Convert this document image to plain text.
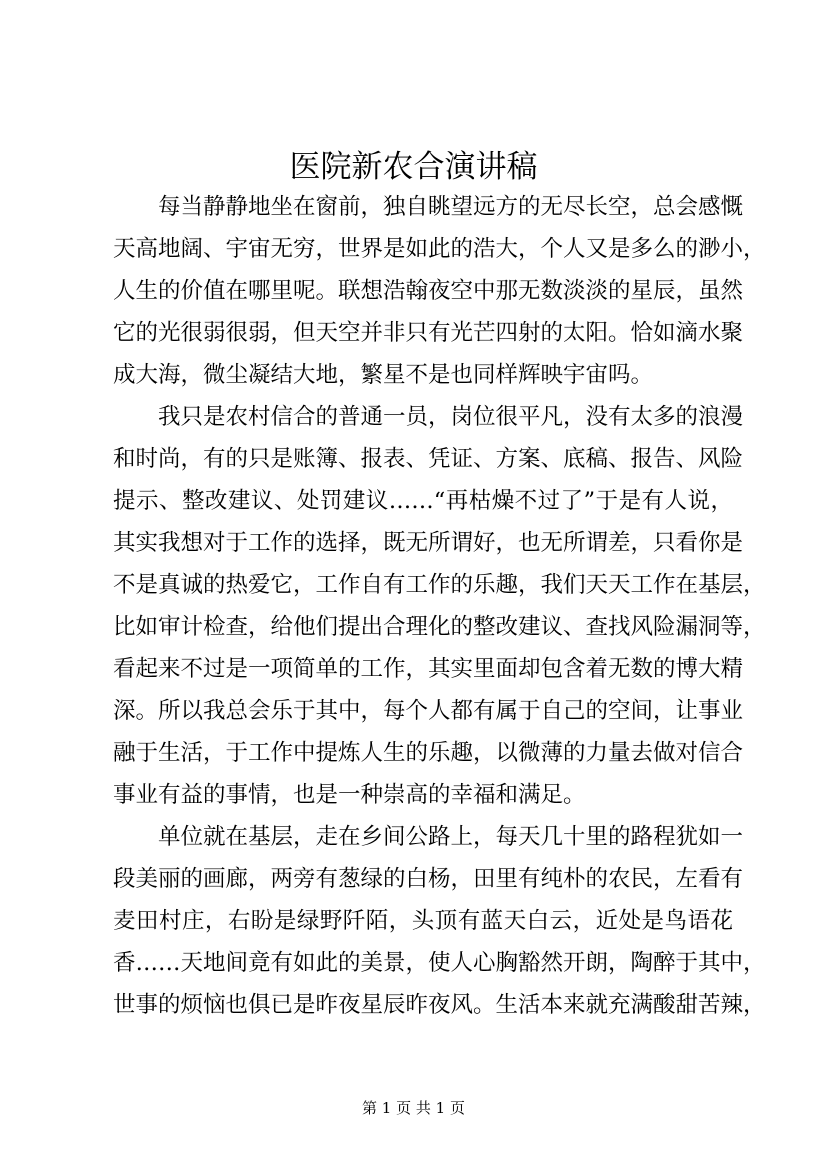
医院新农合演讲稿
每当静静地坐在窗前，独自眺望远方的无尽长空，总会感慨
天高地阔、宇宙无穷，世界是如此的浩大，个人又是多么的渺小，
人生的价值在哪里呢。联想浩翰夜空中那无数淡淡的星辰，虽然
它的光很弱很弱，但天空并非只有光芒四射的太阳。恰如滴水聚
成大海，微尘凝结大地，繁星不是也同样辉映宇宙吗。
我只是农村信合的普通一员，岗位很平凡，没有太多的浪漫
和时尚，有的只是账簿、报表、凭证、方案、底稿、报告、风险
提示、整改建议、处罚建议……“再枯燥不过了”于是有人说，
其实我想对于工作的选择，既无所谓好，也无所谓差，只看你是
不是真诚的热爱它，工作自有工作的乐趣，我们天天工作在基层，
比如审计检查，给他们提出合理化的整改建议、查找风险漏洞等，
看起来不过是一项简单的工作，其实里面却包含着无数的博大精
深。所以我总会乐于其中，每个人都有属于自己的空间，让事业
融于生活，于工作中提炼人生的乐趣，以微薄的力量去做对信合
事业有益的事情，也是一种崇高的幸福和满足。
单位就在基层，走在乡间公路上，每天几十里的路程犹如一
段美丽的画廊，两旁有葱绿的白杨，田里有纯朴的农民，左看有
麦田村庄，右盼是绿野阡陌，头顶有蓝天白云，近处是鸟语花
香……天地间竟有如此的美景，使人心胸豁然开朗，陶醉于其中，
世事的烦恼也俱已是昨夜星辰昨夜风。生活本来就充满酸甜苦辣，
第 1 页 共 1 页
